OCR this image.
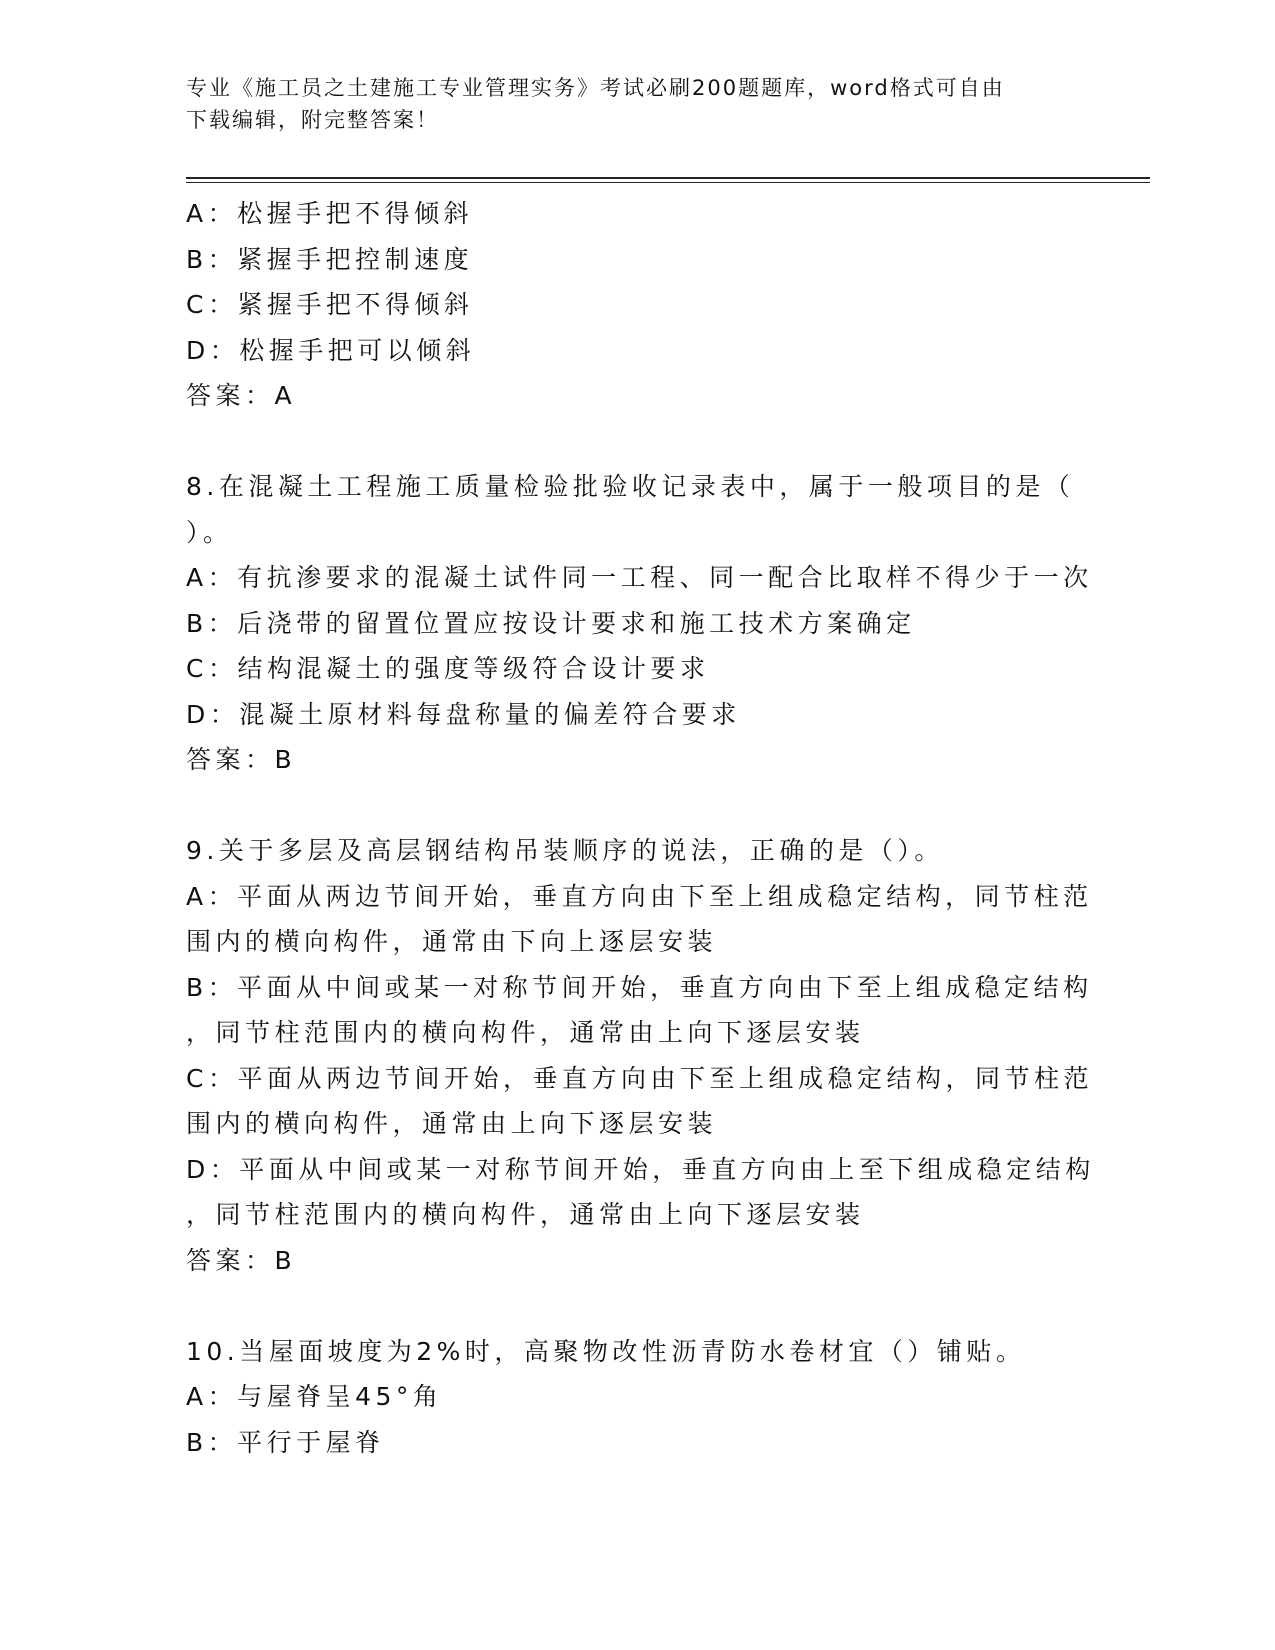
专业《施工员之土建施工专业管理实务》考试必刷200题题库，word格式可自由
下载编辑，附完整答案！
A：松握手把不得倾斜
B：紧握手把控制速度
C：紧握手把不得倾斜
D：松握手把可以倾斜
答案：A
8.在混凝土工程施工质量检验批验收记录表中，属于一般项目的是（
）。
A：有抗渗要求的混凝土试件同一工程、同一配合比取样不得少于一次
B：后浇带的留置位置应按设计要求和施工技术方案确定
C：结构混凝土的强度等级符合设计要求
D：混凝土原材料每盘称量的偏差符合要求
答案：B
9.关于多层及高层钢结构吊装顺序的说法，正确的是（）。
A：平面从两边节间开始，垂直方向由下至上组成稳定结构，同节柱范
围内的横向构件，通常由下向上逐层安装
B：平面从中间或某一对称节间开始，垂直方向由下至上组成稳定结构
，同节柱范围内的横向构件，通常由上向下逐层安装
C：平面从两边节间开始，垂直方向由下至上组成稳定结构，同节柱范
围内的横向构件，通常由上向下逐层安装
D：平面从中间或某一对称节间开始，垂直方向由上至下组成稳定结构
，同节柱范围内的横向构件，通常由上向下逐层安装
答案：B
10.当屋面坡度为2%时，高聚物改性沥青防水卷材宜（）铺贴。
A：与屋脊呈45°角
B：平行于屋脊
